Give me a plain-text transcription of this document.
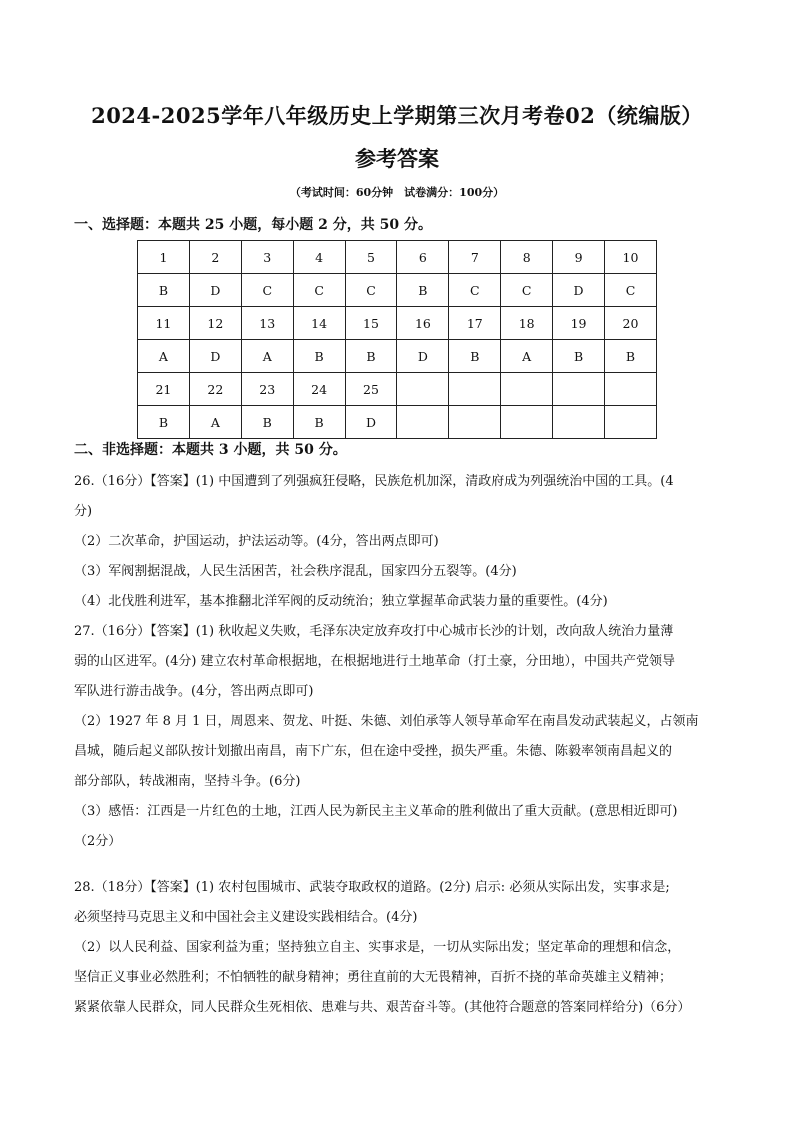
2024-2025学年八年级历史上学期第三次月考卷02（统编版）
参考答案
（考试时间：60分钟　试卷满分：100分）
一、选择题：本题共 25 小题，每小题 2 分，共 50 分。
1	2	3	4	5	6	7	8	9	10
B	D	C	C	C	B	C	C	D	C
11	12	13	14	15	16	17	18	19	20
A	D	A	B	B	D	B	A	B	B
21	22	23	24	25					
B	A	B	B	D					
二、非选择题：本题共 3 小题，共 50 分。
26.（16分）【答案】(1) 中国遭到了列强疯狂侵略，民族危机加深，清政府成为列强统治中国的工具。(4
分)
（2）二次革命，护国运动，护法运动等。(4分，答出两点即可)
（3）军阀割据混战，人民生活困苦，社会秩序混乱，国家四分五裂等。(4分)
（4）北伐胜利进军，基本推翻北洋军阀的反动统治；独立掌握革命武装力量的重要性。(4分)
27.（16分）【答案】(1) 秋收起义失败，毛泽东决定放弃攻打中心城市长沙的计划，改向敌人统治力量薄
弱的山区进军。(4分) 建立农村革命根据地，在根据地进行土地革命（打土豪，分田地），中国共产党领导
军队进行游击战争。(4分，答出两点即可)
（2）1927 年 8 月 1 日，周恩来、贺龙、叶挺、朱德、刘伯承等人领导革命军在南昌发动武装起义，占领南
昌城，随后起义部队按计划撤出南昌，南下广东，但在途中受挫，损失严重。朱德、陈毅率领南昌起义的
部分部队，转战湘南，坚持斗争。(6分)
（3）感悟：江西是一片红色的土地，江西人民为新民主主义革命的胜利做出了重大贡献。(意思相近即可)
（2分）
28.（18分）【答案】(1) 农村包围城市、武装夺取政权的道路。(2分) 启示: 必须从实际出发，实事求是;
必须坚持马克思主义和中国社会主义建设实践相结合。(4分)
（2）以人民利益、国家利益为重；坚持独立自主、实事求是，一切从实际出发；坚定革命的理想和信念，
坚信正义事业必然胜利；不怕牺牲的献身精神；勇往直前的大无畏精神，百折不挠的革命英雄主义精神；
紧紧依靠人民群众，同人民群众生死相依、患难与共、艰苦奋斗等。(其他符合题意的答案同样给分)（6分）
